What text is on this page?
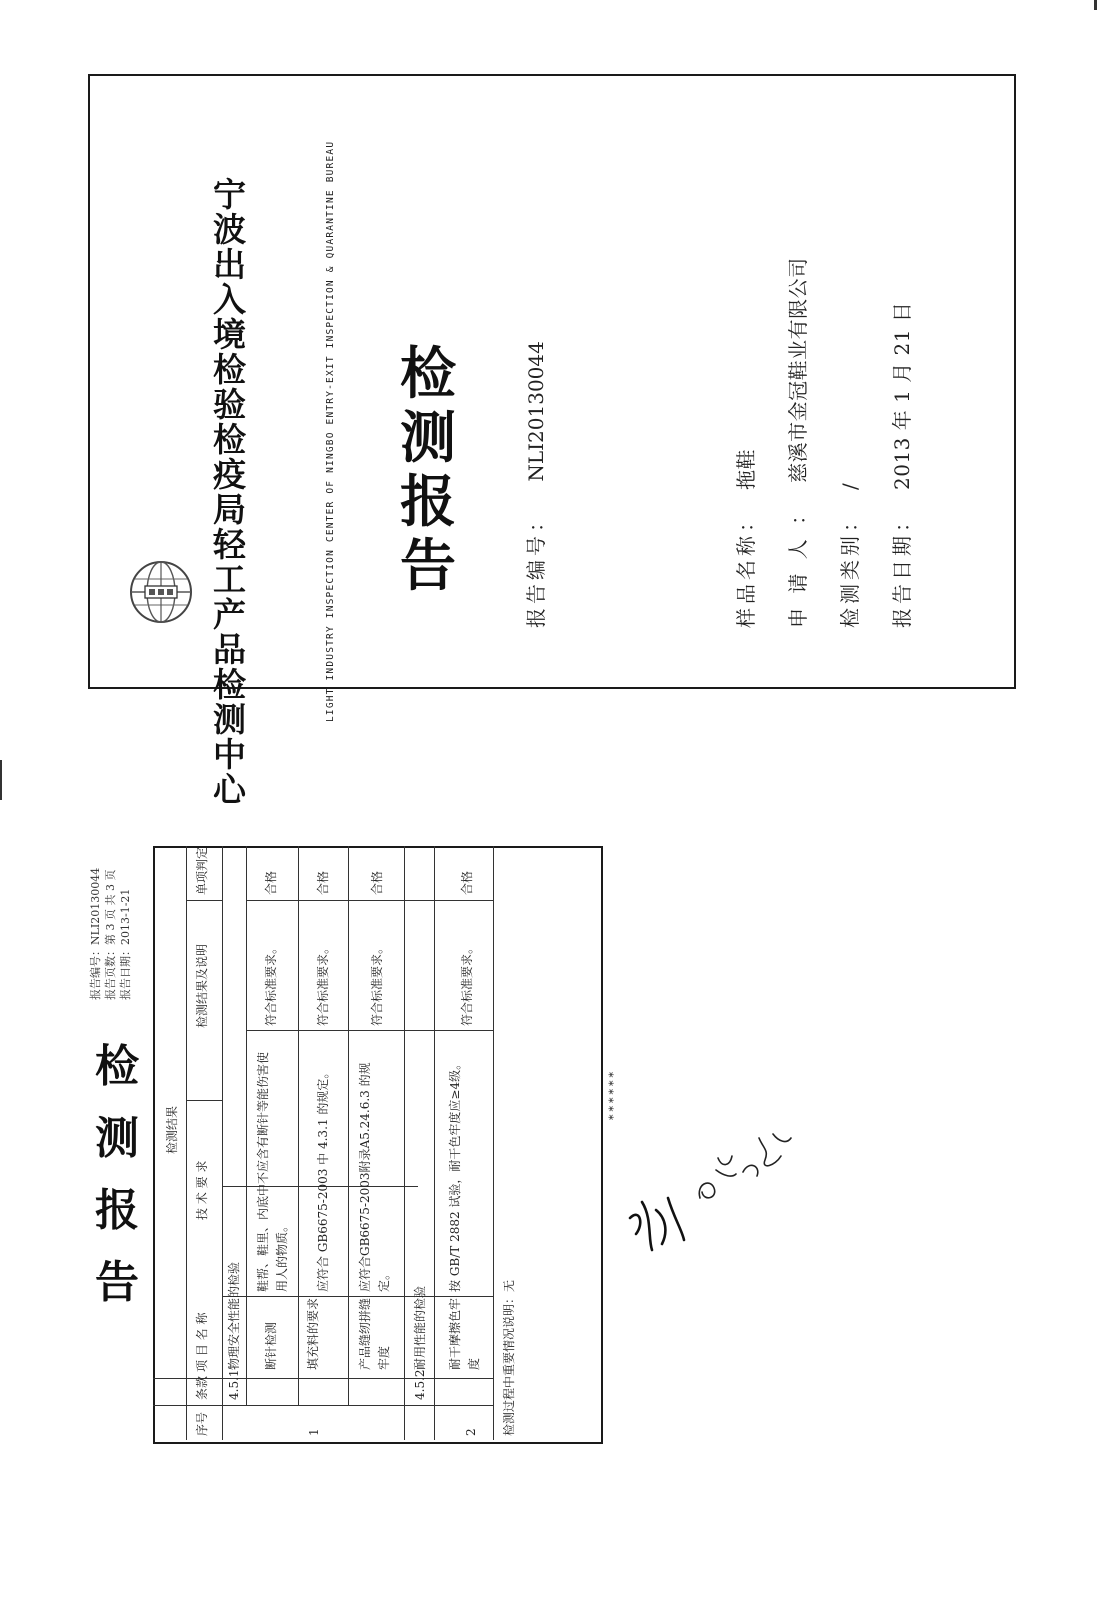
宁
波
出
入
境
检
验
检
疫
局
轻
工
产
品
检
测
中
心
LIGHT INDUSTRY INSPECTION CENTER OF NINGBO ENTRY-EXIT INSPECTION & QUARANTINE BUREAU 检
测
报
告	报告编号： NLI20130044
样品名称：拖鞋
申 请 人 ：慈溪市金冠鞋业有限公司
检测类别：/
报告日期：2013 年 1 月 21 日
检
测
报
告
报告编号：NLI20130044 报告页数：第 3 页 共 3 页 报告日期：2013-1-21
检测结果
序号
条款
项 目 名 称
技 术 要 求
检测结果及说明
单项判定
1
4.5.1
物理安全性能的检验 断针检测
鞋帮、鞋里、内底中不应含有断针等能伤害使用人的物质。
符合标准要求。
合格
填充料的要求
应符合 GB6675-2003 中 4.3.1 的规定。
符合标准要求。
合格
产品缝纫拼缝牢度
应符合GB6675-2003附录A5.24.6.3 的规定。
符合标准要求。
合格
2
4.5.2
耐用性能的检验 耐干摩擦色牢度
按 GB/T 2882 试验，耐干色牢度应≥4级。
符合标准要求。
合格
检测过程中重要情况说明：无
******
